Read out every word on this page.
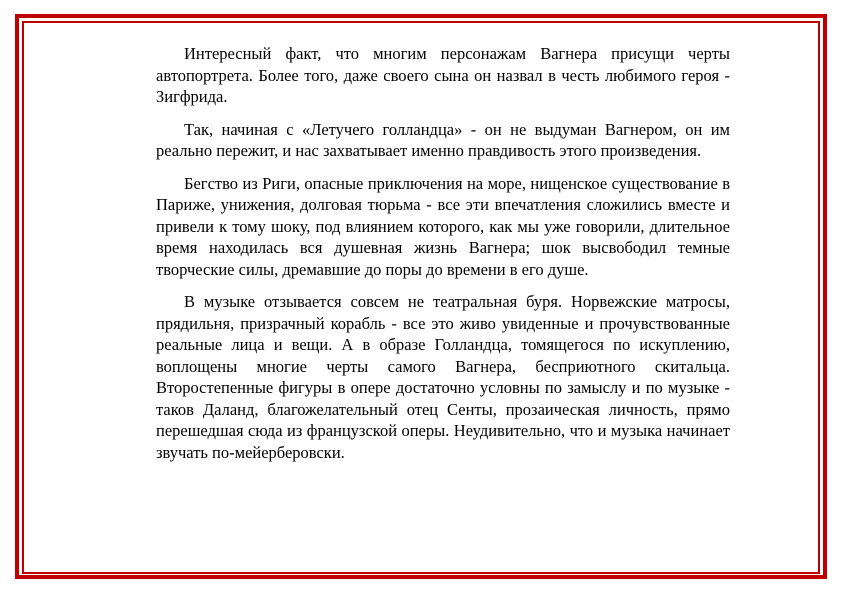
Интересный факт, что многим персонажам Вагнера присущи черты автопортрета. Более того, даже своего сына он назвал в честь любимого героя - Зигфрида.

Так, начиная с «Летучего голландца» - он не выдуман Вагнером, он им реально пережит, и нас захватывает именно правдивость этого произведения.

Бегство из Риги, опасные приключения на море, нищенское существование в Париже, унижения, долговая тюрьма - все эти впечатления сложились вместе и привели к тому шоку, под влиянием которого, как мы уже говорили, длительное время находилась вся душевная жизнь Вагнера; шок высвободил темные творческие силы, дремавшие до поры до времени в его душе.

В музыке отзывается совсем не театральная буря. Норвежские матросы, прядильня, призрачный корабль - все это живо увиденные и прочувствованные реальные лица и вещи. А в образе Голландца, томящегося по искуплению, воплощены многие черты самого Вагнера, бесприютного скитальца. Второстепенные фигуры в опере достаточно условны по замыслу и по музыке - таков Даланд, благожелательный отец Сенты, прозаическая личность, прямо перешедшая сюда из французской оперы. Неудивительно, что и музыка начинает звучать по-мейерберовски.
